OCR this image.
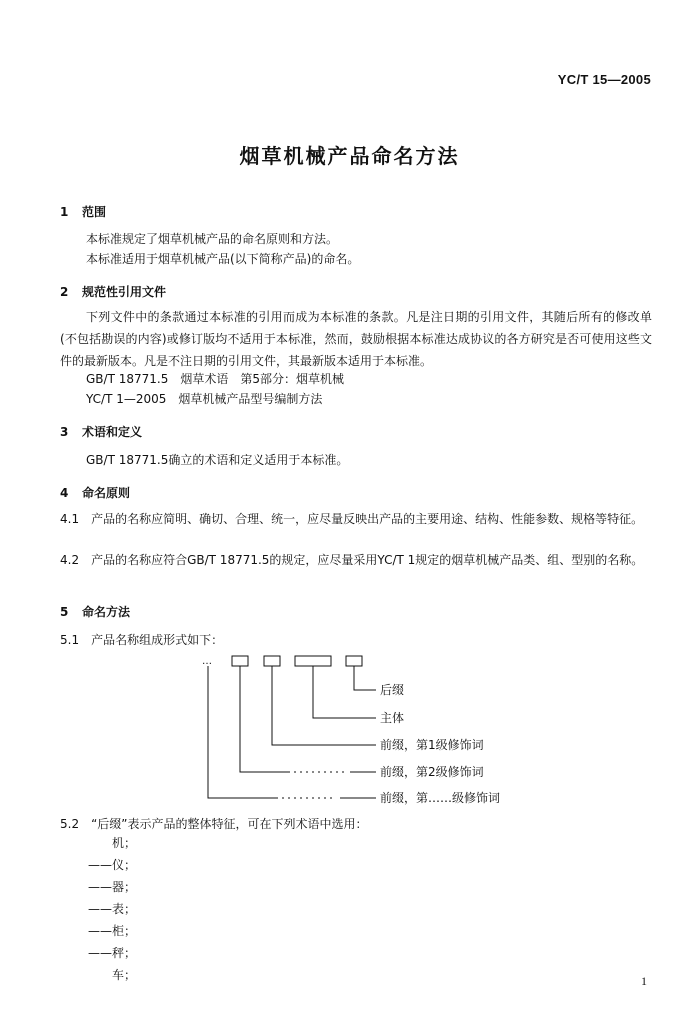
YC/T 15—2005
烟草机械产品命名方法
1 范围
本标准规定了烟草机械产品的命名原则和方法。
本标准适用于烟草机械产品(以下简称产品)的命名。
2 规范性引用文件
下列文件中的条款通过本标准的引用而成为本标准的条款。凡是注日期的引用文件，其随后所有的修改单(不包括勘误的内容)或修订版均不适用于本标准，然而，鼓励根据本标准达成协议的各方研究是否可使用这些文件的最新版本。凡是不注日期的引用文件，其最新版本适用于本标准。
GB/T 18771.5　烟草术语　第5部分：烟草机械
YC/T 1—2005　烟草机械产品型号编制方法
3 术语和定义
GB/T 18771.5确立的术语和定义适用于本标准。
4 命名原则
4.1　产品的名称应简明、确切、合理、统一，应尽量反映出产品的主要用途、结构、性能参数、规格等特征。
4.2　产品的名称应符合GB/T 18771.5的规定，应尽量采用YC/T 1规定的烟草机械产品类、组、型别的名称。
5 命名方法
5.1　产品名称组成形式如下：
…
后缀
主体
前缀，第1级修饰词
前缀，第2级修饰词
前缀，第……级修饰词
5.2　“后缀”表示产品的整体特征，可在下列术语中选用：
机；
——仪；
——器；
——表；
——柜；
——秤；
车；	1
